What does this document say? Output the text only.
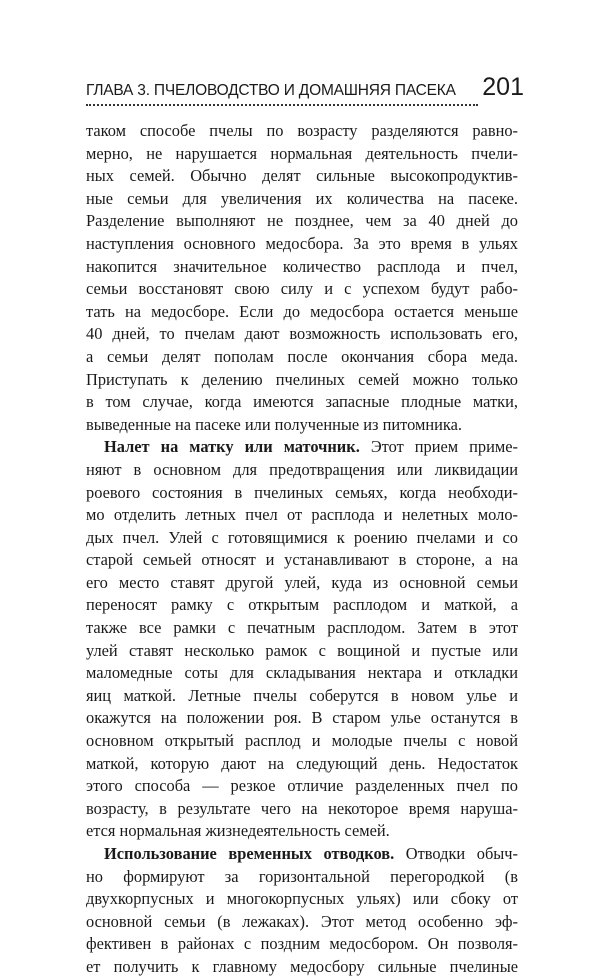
ГЛАВА 3. ПЧЕЛОВОДСТВО И ДОМАШНЯЯ ПАСЕКА 201
таком способе пчелы по возрасту разделяются равно-
мерно, не нарушается нормальная деятельность пчели-
ных семей. Обычно делят сильные высокопродуктив-
ные семьи для увеличения их количества на пасеке.
Разделение выполняют не позднее, чем за 40 дней до
наступления основного медосбора. За это время в ульях
накопится значительное количество расплода и пчел,
семьи восстановят свою силу и с успехом будут рабо-
тать на медосборе. Если до медосбора остается меньше
40 дней, то пчелам дают возможность использовать его,
а семьи делят пополам после окончания сбора меда.
Приступать к делению пчелиных семей можно только
в том случае, когда имеются запасные плодные матки,
выведенные на пасеке или полученные из питомника.
Налет на матку или маточник. Этот прием приме-
няют в основном для предотвращения или ликвидации
роевого состояния в пчелиных семьях, когда необходи-
мо отделить летных пчел от расплода и нелетных моло-
дых пчел. Улей с готовящимися к роению пчелами и со
старой семьей относят и устанавливают в стороне, а на
его место ставят другой улей, куда из основной семьи
переносят рамку с открытым расплодом и маткой, а
также все рамки с печатным расплодом. Затем в этот
улей ставят несколько рамок с вощиной и пустые или
маломедные соты для складывания нектара и откладки
яиц маткой. Летные пчелы соберутся в новом улье и
окажутся на положении роя. В старом улье останутся в
основном открытый расплод и молодые пчелы с новой
маткой, которую дают на следующий день. Недостаток
этого способа — резкое отличие разделенных пчел по
возрасту, в результате чего на некоторое время наруша-
ется нормальная жизнедеятельность семей.
Использование временных отводков. Отводки обыч-
но формируют за горизонтальной перегородкой (в
двухкорпусных и многокорпусных ульях) или сбоку от
основной семьи (в лежаках). Этот метод особенно эф-
фективен в районах с поздним медосбором. Он позволя-
ет получить к главному медосбору сильные пчелиные
